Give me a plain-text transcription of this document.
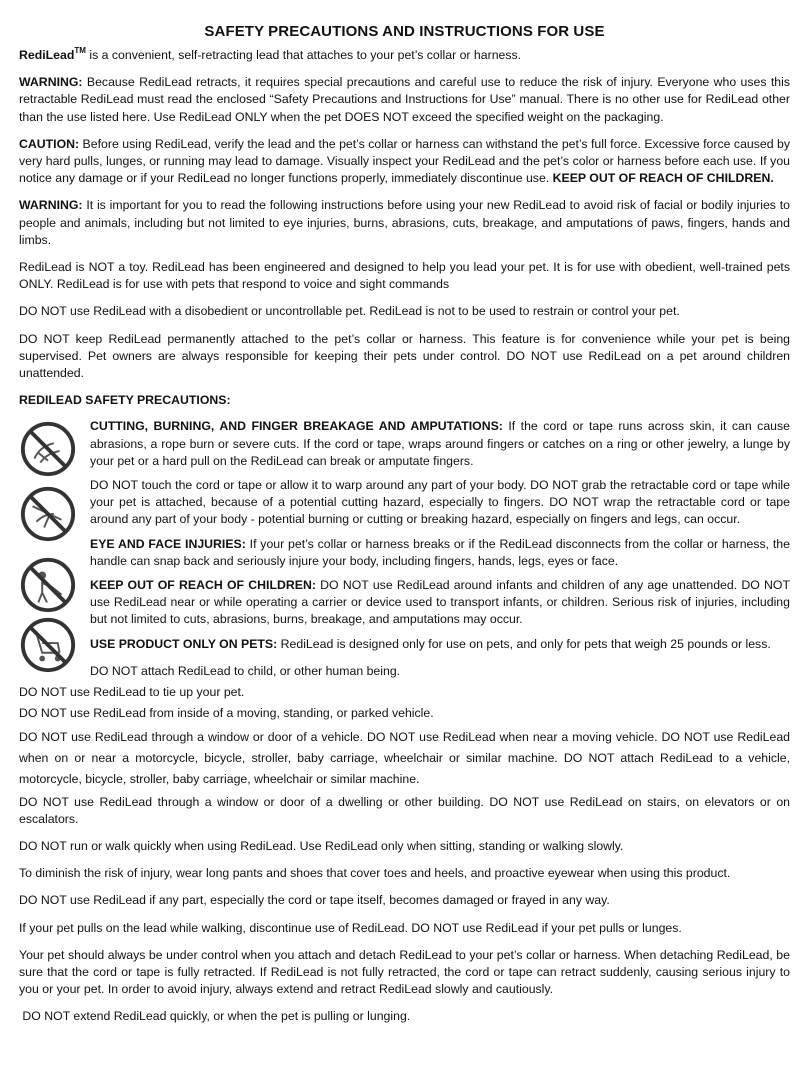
SAFETY PRECAUTIONS AND INSTRUCTIONS FOR USE

RediLead™ is a convenient, self-retracting lead that attaches to your pet’s collar or harness.

WARNING: Because RediLead retracts, it requires special precautions and careful use to reduce the risk of injury. Everyone who uses this retractable RediLead must read the enclosed “Safety Precautions and Instructions for Use” manual. There is no other use for RediLead other than the use listed here. Use RediLead ONLY when the pet DOES NOT exceed the specified weight on the packaging.

CAUTION: Before using RediLead, verify the lead and the pet’s collar or harness can withstand the pet’s full force. Excessive force caused by very hard pulls, lunges, or running may lead to damage. Visually inspect your RediLead and the pet’s color or harness before each use. If you notice any damage or if your RediLead no longer functions properly, immediately discontinue use. KEEP OUT OF REACH OF CHILDREN.

WARNING: It is important for you to read the following instructions before using your new RediLead to avoid risk of facial or bodily injuries to people and animals, including but not limited to eye injuries, burns, abrasions, cuts, breakage, and amputations of paws, fingers, hands and limbs.

RediLead is NOT a toy. RediLead has been engineered and designed to help you lead your pet. It is for use with obedient, well-trained pets ONLY. RediLead is for use with pets that respond to voice and sight commands

DO NOT use RediLead with a disobedient or uncontrollable pet. RediLead is not to be used to restrain or control your pet.

DO NOT keep RediLead permanently attached to the pet’s collar or harness. This feature is for convenience while your pet is being supervised. Pet owners are always responsible for keeping their pets under control. DO NOT use RediLead on a pet around children unattended.

REDILEAD SAFETY PRECAUTIONS:

CUTTING, BURNING, AND FINGER BREAKAGE AND AMPUTATIONS: If the cord or tape runs across skin, it can cause abrasions, a rope burn or severe cuts. If the cord or tape, wraps around fingers or catches on a ring or other jewelry, a lunge by your pet or a hard pull on the RediLead can break or amputate fingers.

DO NOT touch the cord or tape or allow it to warp around any part of your body. DO NOT grab the retractable cord or tape while your pet is attached, because of a potential cutting hazard, especially to fingers. DO NOT wrap the retractable cord or tape around any part of your body - potential burning or cutting or breaking hazard, especially on fingers and legs, can occur.

EYE AND FACE INJURIES: If your pet’s collar or harness breaks or if the RediLead disconnects from the collar or harness, the handle can snap back and seriously injure your body, including fingers, hands, legs, eyes or face.

KEEP OUT OF REACH OF CHILDREN: DO NOT use RediLead around infants and children of any age unattended. DO NOT use RediLead near or while operating a carrier or device used to transport infants, or children. Serious risk of injuries, including but not limited to cuts, abrasions, burns, breakage, and amputations may occur.

USE PRODUCT ONLY ON PETS: RediLead is designed only for use on pets, and only for pets that weigh 25 pounds or less.

DO NOT attach RediLead to child, or other human being.

DO NOT use RediLead to tie up your pet.

DO NOT use RediLead from inside of a moving, standing, or parked vehicle.

DO NOT use RediLead through a window or door of a vehicle. DO NOT use RediLead when near a moving vehicle. DO NOT use RediLead when on or near a motorcycle, bicycle, stroller, baby carriage, wheelchair or similar machine. DO NOT attach RediLead to a vehicle, motorcycle, bicycle, stroller, baby carriage, wheelchair or similar machine.

DO NOT use RediLead through a window or door of a dwelling or other building. DO NOT use RediLead on stairs, on elevators or on escalators.

DO NOT run or walk quickly when using RediLead. Use RediLead only when sitting, standing or walking slowly.

To diminish the risk of injury, wear long pants and shoes that cover toes and heels, and proactive eyewear when using this product.

DO NOT use RediLead if any part, especially the cord or tape itself, becomes damaged or frayed in any way.

If your pet pulls on the lead while walking, discontinue use of RediLead. DO NOT use RediLead if your pet pulls or lunges.

Your pet should always be under control when you attach and detach RediLead to your pet’s collar or harness. When detaching RediLead, be sure that the cord or tape is fully retracted. If RediLead is not fully retracted, the cord or tape can retract suddenly, causing serious injury to you or your pet. In order to avoid injury, always extend and retract RediLead slowly and cautiously.

DO NOT extend RediLead quickly, or when the pet is pulling or lunging.
